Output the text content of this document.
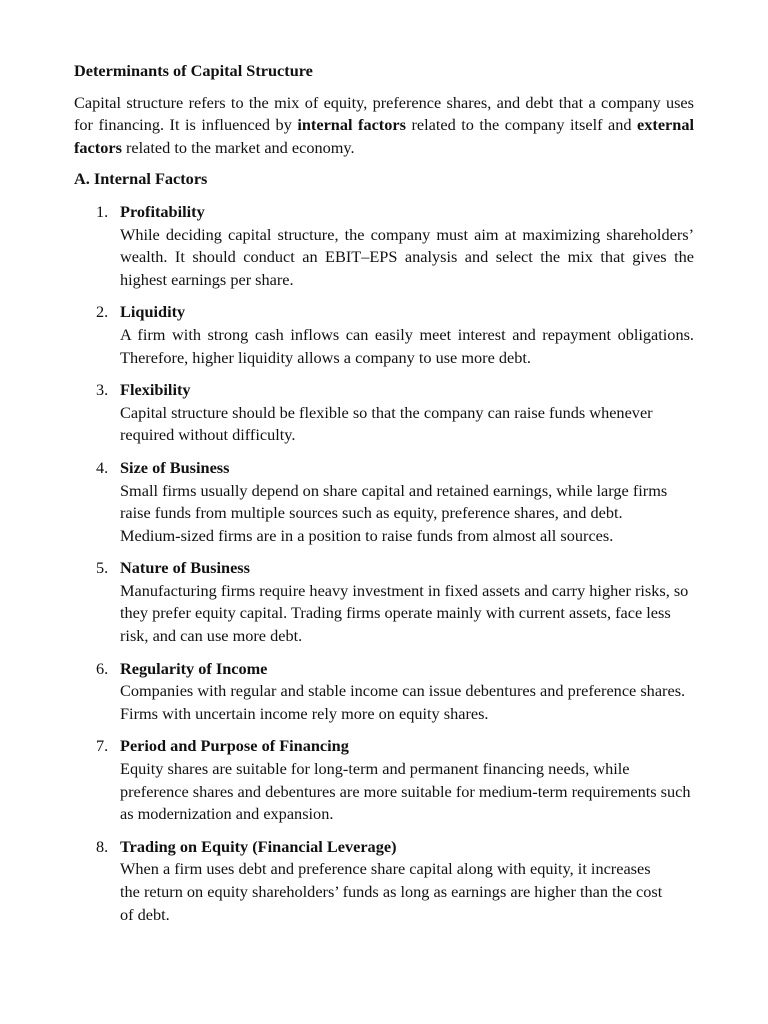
Determinants of Capital Structure

Capital structure refers to the mix of equity, preference shares, and debt that a company uses for financing. It is influenced by internal factors related to the company itself and external factors related to the market and economy.

A. Internal Factors

1. Profitability
While deciding capital structure, the company must aim at maximizing shareholders’ wealth. It should conduct an EBIT–EPS analysis and select the mix that gives the highest earnings per share.
2. Liquidity
A firm with strong cash inflows can easily meet interest and repayment obligations. Therefore, higher liquidity allows a company to use more debt.
3. Flexibility
Capital structure should be flexible so that the company can raise funds whenever required without difficulty.
4. Size of Business
Small firms usually depend on share capital and retained earnings, while large firms raise funds from multiple sources such as equity, preference shares, and debt. Medium-sized firms are in a position to raise funds from almost all sources.
5. Nature of Business
Manufacturing firms require heavy investment in fixed assets and carry higher risks, so they prefer equity capital. Trading firms operate mainly with current assets, face less risk, and can use more debt.
6. Regularity of Income
Companies with regular and stable income can issue debentures and preference shares. Firms with uncertain income rely more on equity shares.
7. Period and Purpose of Financing
Equity shares are suitable for long-term and permanent financing needs, while preference shares and debentures are more suitable for medium-term requirements such as modernization and expansion.
8. Trading on Equity (Financial Leverage)
When a firm uses debt and preference share capital along with equity, it increases the return on equity shareholders’ funds as long as earnings are higher than the cost of debt.
